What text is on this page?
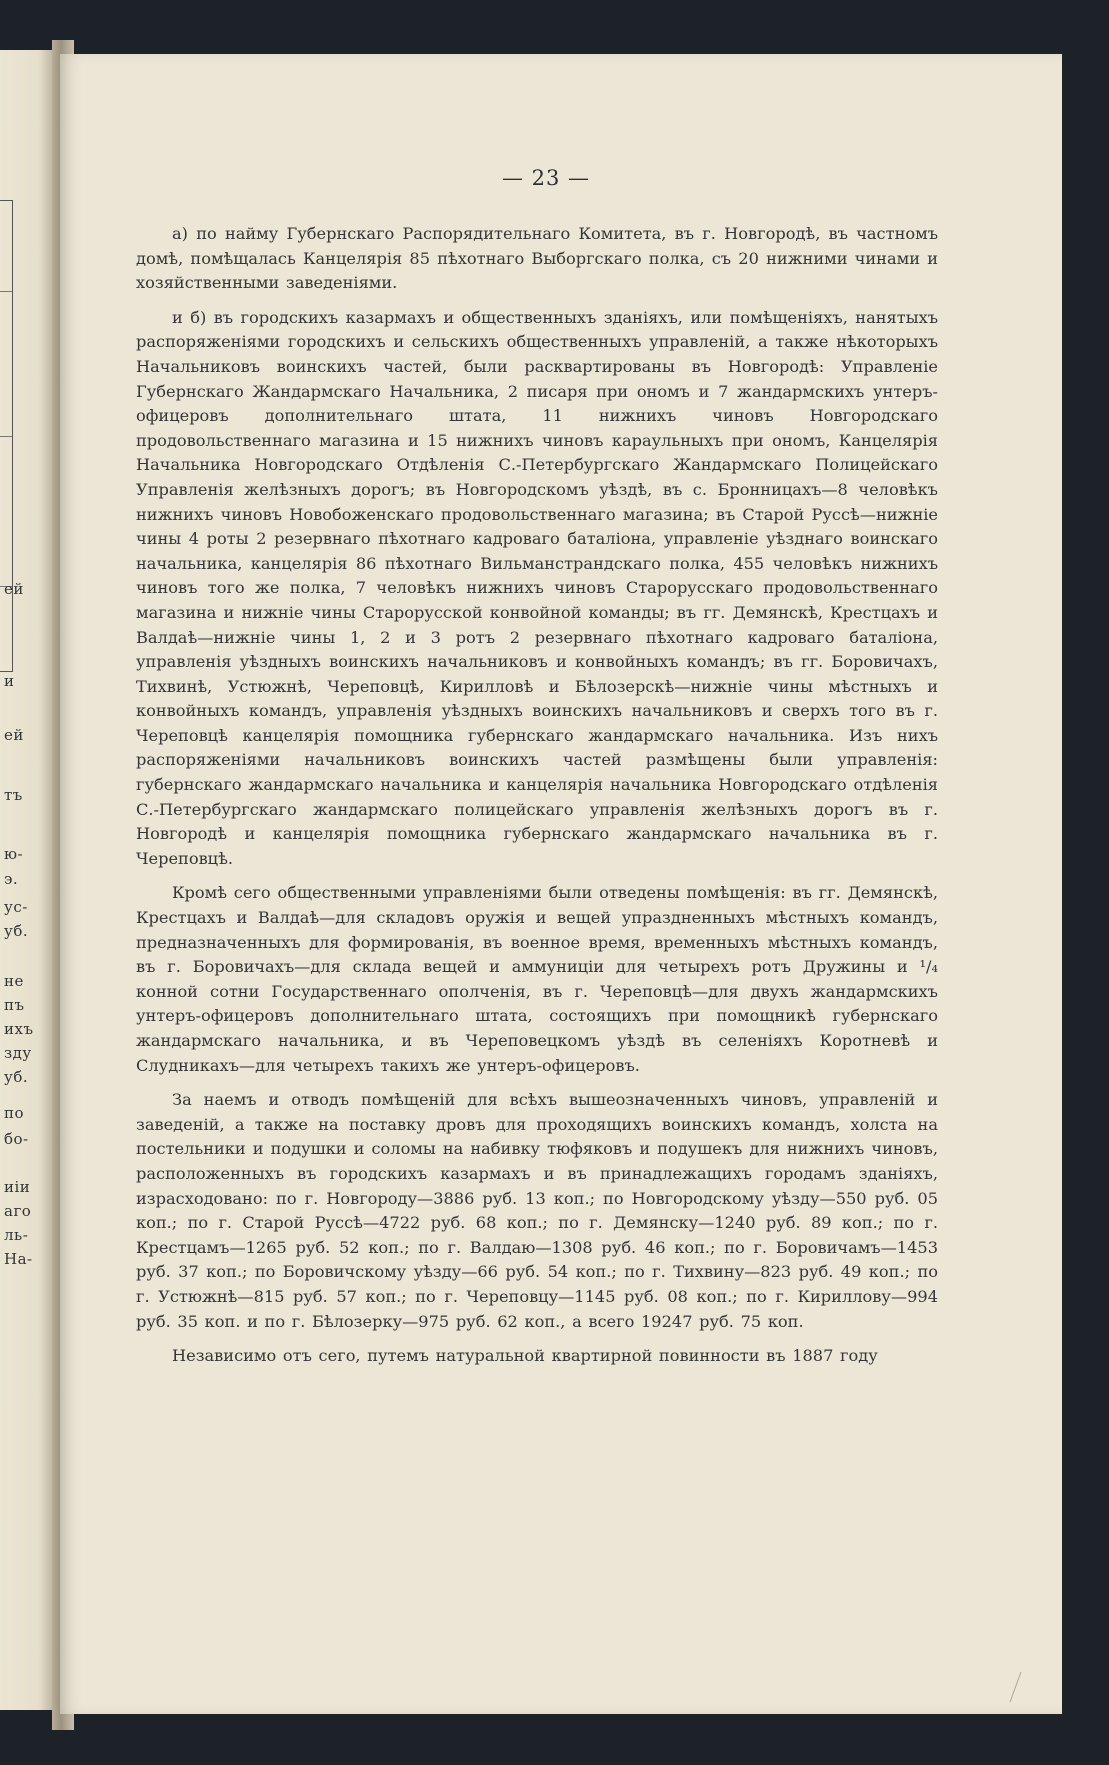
ей
и
ей
тъ
ю-
э.
ус-
уб.
не
пъ
ихъ
зду
уб.
по
бо-
иіи
аго
ль-
На-
— 23 —

а) по найму Губернскаго Распорядительнаго Комитета, въ г. Новгородѣ, въ частномъ домѣ, помѣщалась Канцелярія 85 пѣхотнаго Выборгскаго полка, съ 20 нижними чинами и хозяйственными заведеніями.

и б) въ городскихъ казармахъ и общественныхъ зданіяхъ, или помѣщеніяхъ, нанятыхъ распоряженіями городскихъ и сельскихъ общественныхъ управленій, а также нѣкоторыхъ Начальниковъ воинскихъ частей, были расквартированы въ Новгородѣ: Управленіе Губернскаго Жандармскаго Начальника, 2 писаря при ономъ и 7 жандармскихъ унтеръ-офицеровъ дополнительнаго штата, 11 нижнихъ чиновъ Новгородскаго продовольственнаго магазина и 15 нижнихъ чиновъ караульныхъ при ономъ, Канцелярія Начальника Новгородскаго Отдѣленія С.-Петербургскаго Жандармскаго Полицейскаго Управленія желѣзныхъ дорогъ; въ Новгородскомъ уѣздѣ, въ с. Бронницахъ—8 человѣкъ нижнихъ чиновъ Новобоженскаго продовольственнаго магазина; въ Старой Руссѣ—нижніе чины 4 роты 2 резервнаго пѣхотнаго кадроваго баталіона, управленіе уѣзднаго воинскаго начальника, канцелярія 86 пѣхотнаго Вильманстрандскаго полка, 455 человѣкъ нижнихъ чиновъ того же полка, 7 человѣкъ нижнихъ чиновъ Старорусскаго продовольственнаго магазина и нижніе чины Старорусской конвойной команды; въ гг. Демянскѣ, Крестцахъ и Валдаѣ—нижніе чины 1, 2 и 3 ротъ 2 резервнаго пѣхотнаго кадроваго баталіона, управленія уѣздныхъ воинскихъ начальниковъ и конвойныхъ командъ; въ гг. Боровичахъ, Тихвинѣ, Устюжнѣ, Череповцѣ, Кирилловѣ и Бѣлозерскѣ—нижніе чины мѣстныхъ и конвойныхъ командъ, управленія уѣздныхъ воинскихъ начальниковъ и сверхъ того въ г. Череповцѣ канцелярія помощника губернскаго жандармскаго начальника. Изъ нихъ распоряженіями начальниковъ воинскихъ частей размѣщены были управленія: губернскаго жандармскаго начальника и канцелярія начальника Новгородскаго отдѣленія С.-Петербургскаго жандармскаго полицейскаго управленія желѣзныхъ дорогъ въ г. Новгородѣ и канцелярія помощника губернскаго жандармскаго начальника въ г. Череповцѣ.

Кромѣ сего общественными управленіями были отведены помѣщенія: въ гг. Демянскѣ, Крестцахъ и Валдаѣ—для складовъ оружія и вещей упраздненныхъ мѣстныхъ командъ, предназначенныхъ для формированія, въ военное время, временныхъ мѣстныхъ командъ, въ г. Боровичахъ—для склада вещей и аммуниціи для четырехъ ротъ Дружины и ¹/₄ конной сотни Государственнаго ополченія, въ г. Череповцѣ—для двухъ жандармскихъ унтеръ-офицеровъ дополнительнаго штата, состоящихъ при помощникѣ губернскаго жандармскаго начальника, и въ Череповецкомъ уѣздѣ въ селеніяхъ Коротневѣ и Слудникахъ—для четырехъ такихъ же унтеръ-офицеровъ.

За наемъ и отводъ помѣщеній для всѣхъ вышеозначенныхъ чиновъ, управленій и заведеній, а также на поставку дровъ для проходящихъ воинскихъ командъ, холста на постельники и подушки и соломы на набивку тюфяковъ и подушекъ для нижнихъ чиновъ, расположенныхъ въ городскихъ казармахъ и въ принадлежащихъ городамъ зданіяхъ, израсходовано: по г. Новгороду—3886 руб. 13 коп.; по Новгородскому уѣзду—550 руб. 05 коп.; по г. Старой Руссѣ—4722 руб. 68 коп.; по г. Демянску—1240 руб. 89 коп.; по г. Крестцамъ—1265 руб. 52 коп.; по г. Валдаю—1308 руб. 46 коп.; по г. Боровичамъ—1453 руб. 37 коп.; по Боровичскому уѣзду—66 руб. 54 коп.; по г. Тихвину—823 руб. 49 коп.; по г. Устюжнѣ—815 руб. 57 коп.; по г. Череповцу—1145 руб. 08 коп.; по г. Кириллову—994 руб. 35 коп. и по г. Бѣлозерку—975 руб. 62 коп., а всего 19247 руб. 75 коп.

Независимо отъ сего, путемъ натуральной квартирной повинности въ 1887 году
